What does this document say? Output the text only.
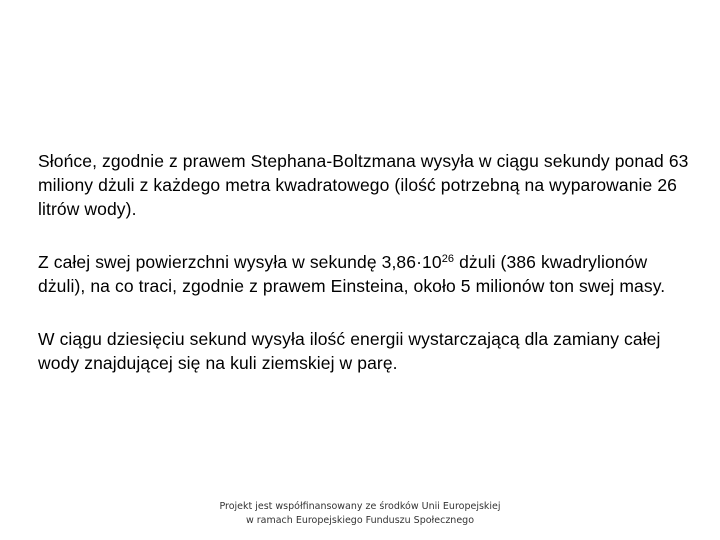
Słońce, zgodnie z prawem Stephana-Boltzmana wysyła w ciągu sekundy ponad 63 miliony dżuli z każdego metra kwadratowego (ilość potrzebną na wyparowanie 26 litrów wody).

Z całej swej powierzchni wysyła w sekundę $3,86\cdot 10^{26}$ dżuli (386 kwadrylionów dżuli), na co traci, zgodnie z prawem Einsteina, około 5 milionów ton swej masy.

W ciągu dziesięciu sekund wysyła ilość energii wystarczającą dla zamiany całej wody znajdującej się na kuli ziemskiej w parę.

Projekt jest współfinansowany ze środków Unii Europejskiej
w ramach Europejskiego Funduszu Społecznego
